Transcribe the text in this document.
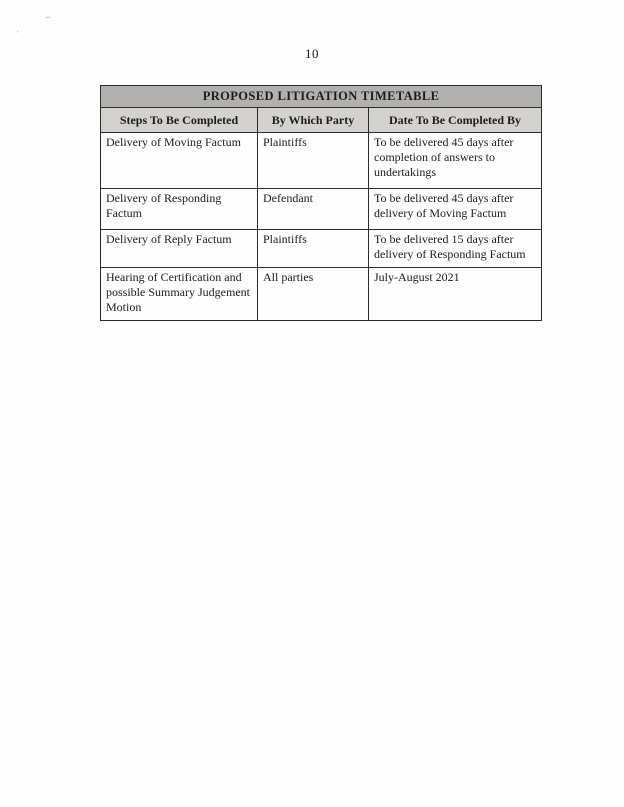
~
'
10
PROPOSED LITIGATION TIMETABLE		
Steps To Be Completed	By Which Party	Date To Be Completed By
Delivery of Moving Factum	Plaintiffs	To be delivered 45 days after completion of answers to undertakings
Delivery of Responding Factum	Defendant	To be delivered 45 days after delivery of Moving Factum
Delivery of Reply Factum	Plaintiffs	To be delivered 15 days after delivery of Responding Factum
Hearing of Certification and possible Summary Judgement Motion	All parties	July-August 2021
